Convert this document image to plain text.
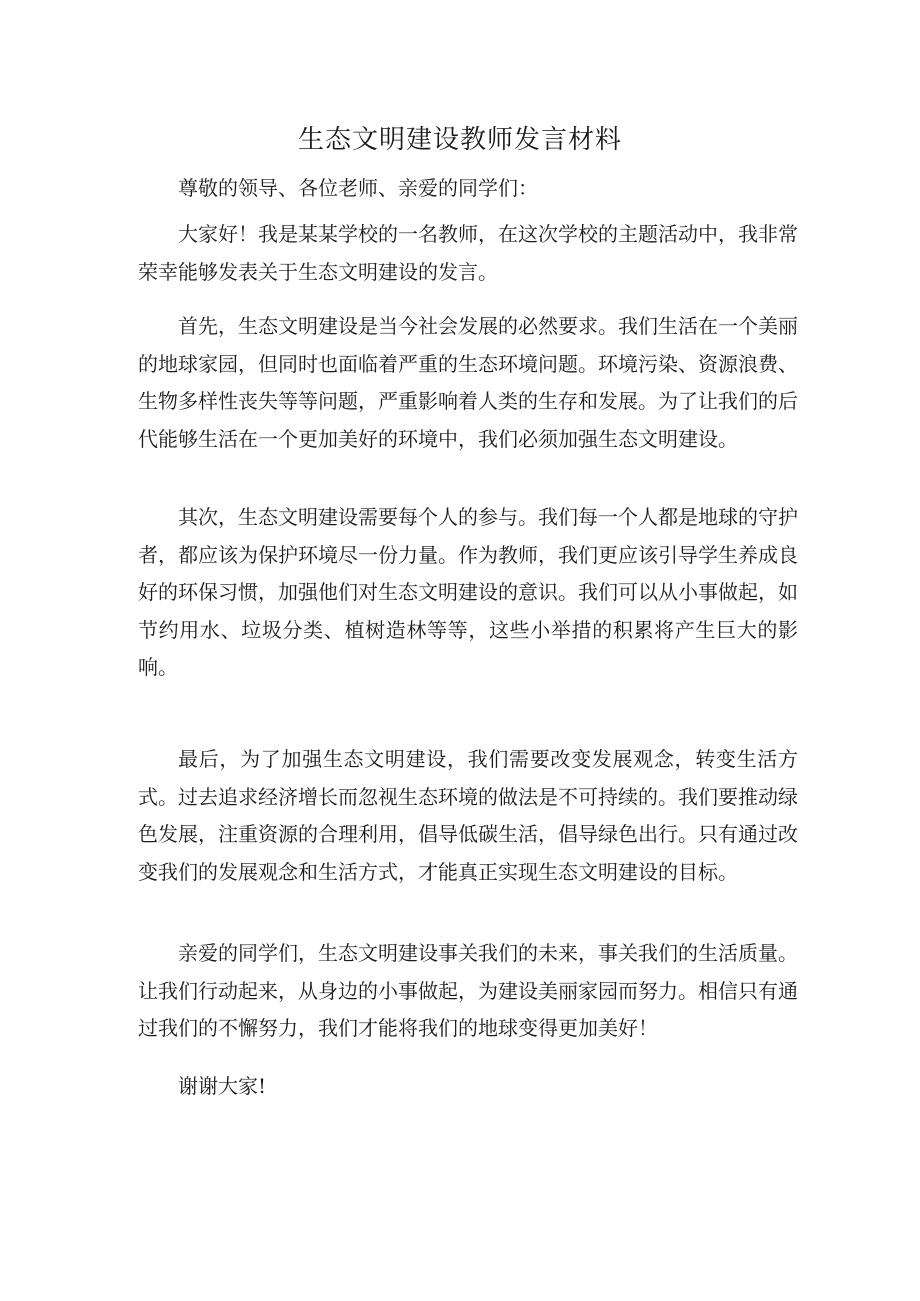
生态文明建设教师发言材料

尊敬的领导、各位老师、亲爱的同学们：

大家好！我是某某学校的一名教师，在这次学校的主题活动中，我非常荣幸能够发表关于生态文明建设的发言。

首先，生态文明建设是当今社会发展的必然要求。我们生活在一个美丽的地球家园，但同时也面临着严重的生态环境问题。环境污染、资源浪费、生物多样性丧失等等问题，严重影响着人类的生存和发展。为了让我们的后代能够生活在一个更加美好的环境中，我们必须加强生态文明建设。

其次，生态文明建设需要每个人的参与。我们每一个人都是地球的守护者，都应该为保护环境尽一份力量。作为教师，我们更应该引导学生养成良好的环保习惯，加强他们对生态文明建设的意识。我们可以从小事做起，如节约用水、垃圾分类、植树造林等等，这些小举措的积累将产生巨大的影响。

最后，为了加强生态文明建设，我们需要改变发展观念，转变生活方式。过去追求经济增长而忽视生态环境的做法是不可持续的。我们要推动绿色发展，注重资源的合理利用，倡导低碳生活，倡导绿色出行。只有通过改变我们的发展观念和生活方式，才能真正实现生态文明建设的目标。

亲爱的同学们，生态文明建设事关我们的未来，事关我们的生活质量。让我们行动起来，从身边的小事做起，为建设美丽家园而努力。相信只有通过我们的不懈努力，我们才能将我们的地球变得更加美好！

谢谢大家!
